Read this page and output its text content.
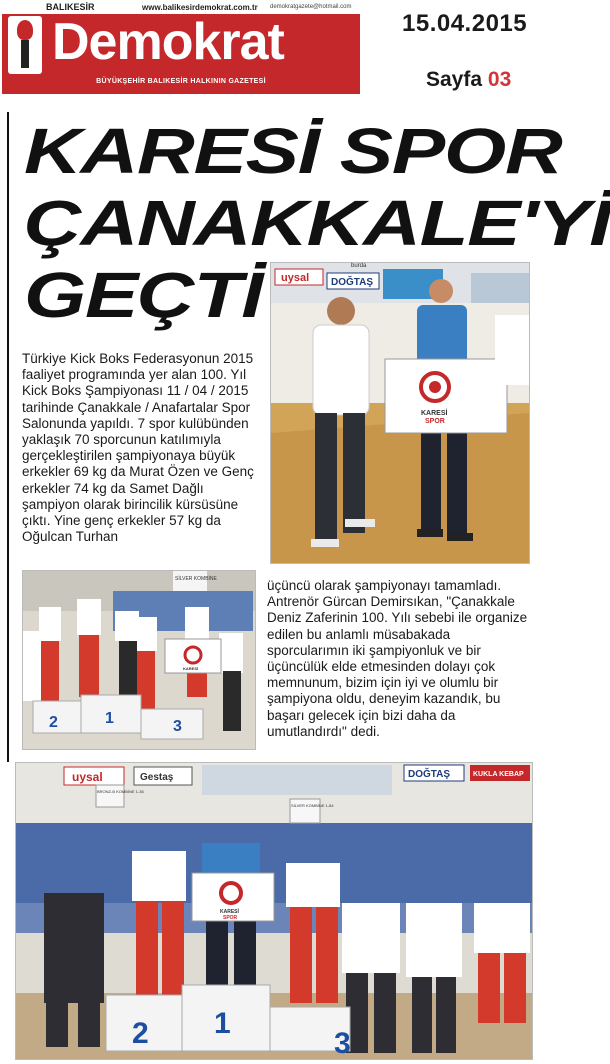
BALIKESİR	www.balikesirdemokrat.com.tr demokratgazete@hotmail.com
Demokrat
BÜYÜKŞEHİR BALIKESİR HALKININ GAZETESİ
15.04.2015
Sayfa 03
KARESİ SPOR
ÇANAKKALE'Yİ
GEÇTİ
Türkiye Kick Boks Federasyonun 2015 faaliyet programında yer alan 100. Yıl Kick Boks Şampiyonası 11 / 04 / 2015 tarihinde Çanakkale / Anafartalar Spor Salonunda yapıldı. 7 spor kulübünden yaklaşık 70 sporcunun katılımıyla gerçekleştirilen şampiyonaya büyük erkekler 69 kg da Murat Özen ve Genç erkekler 74 kg da Samet Dağlı şampiyon olarak birincilik kürsüsüne çıktı. Yine genç erkekler 57 kg da Oğulcan Turhan
üçüncü olarak şampiyonayı tamamladı. Antrenör Gürcan Demirsıkan, "Çanakkale Deniz Zaferinin 100. Yılı sebebi ile organize edilen bu anlamlı müsabakada sporcularımın iki şampiyonluk ve bir üçüncülük elde etmesinden dolayı çok memnunum, bizim için iyi ve olumlu bir şampiyona oldu, deneyim kazandık, bu başarı gelecek için bizi daha da umutlandırdı" dedi.
uysal DOĞTAŞ
burda
KARESİ
SPOR
SİLVER KOMBİNE
KARESİ
2	1	3
uysal	Gestaş	DOĞTAŞ	KUKLA KEBAP
BRONZ-B KOMBİNE 1-36
SİLVER KOMBİNE 1-84
KARESİ
SPOR
2 1
3
